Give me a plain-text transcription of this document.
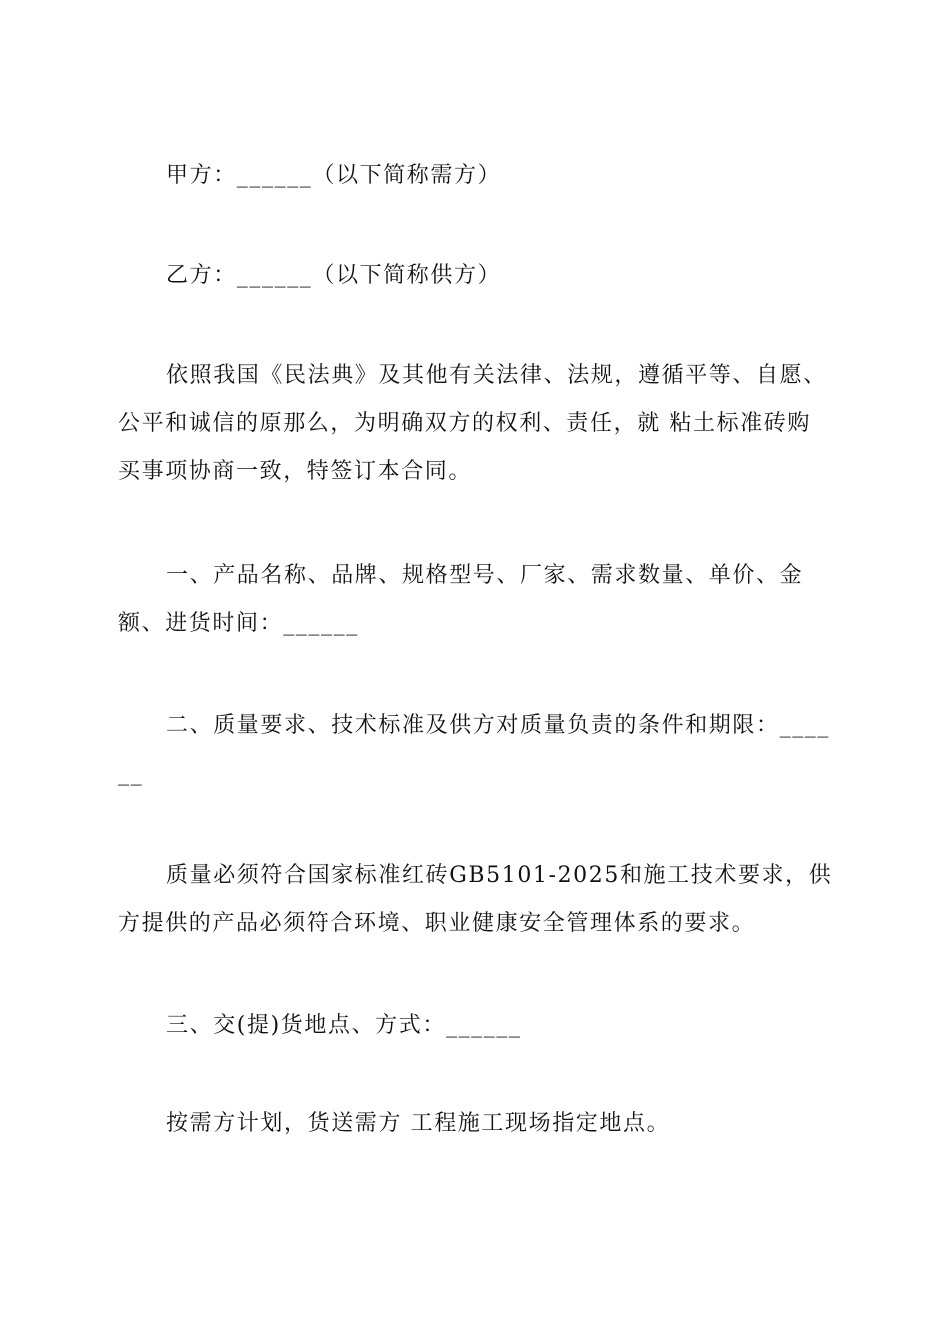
甲方：______（以下简称需方）

乙方：______（以下简称供方）

依照我国《民法典》及其他有关法律、法规，遵循平等、自愿、公平和诚信的原那么，为明确双方的权利、责任，就 粘土标准砖购买事项协商一致，特签订本合同。

一、产品名称、品牌、规格型号、厂家、需求数量、单价、金额、进货时间：______

二、质量要求、技术标准及供方对质量负责的条件和期限：______

质量必须符合国家标准红砖GB5101-2025和施工技术要求，供方提供的产品必须符合环境、职业健康安全管理体系的要求。

三、交(提)货地点、方式：______

按需方计划，货送需方 工程施工现场指定地点。
